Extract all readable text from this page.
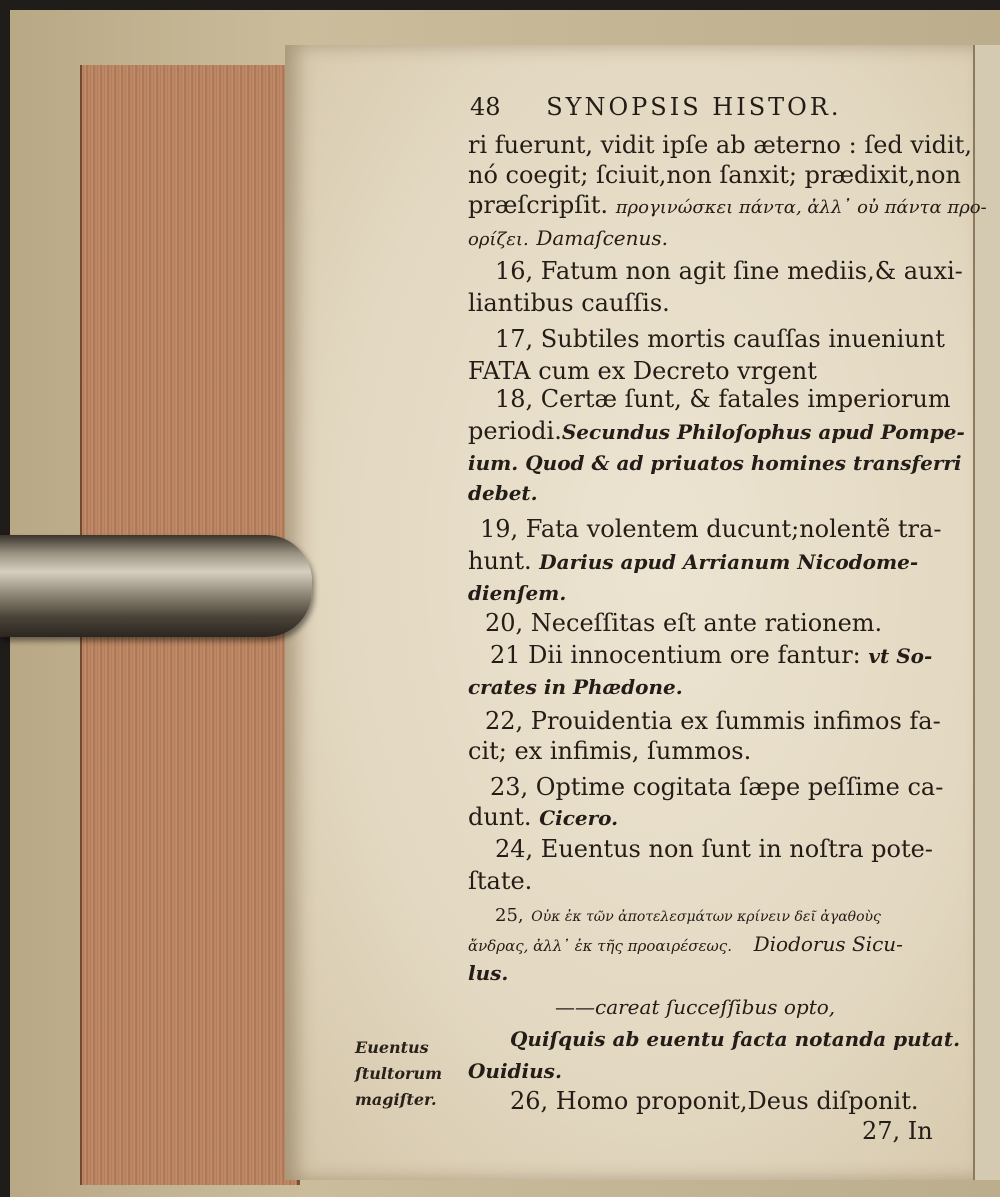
48 SYNOPSIS HISTOR.
ri fuerunt, vidit ipſe ab æterno : ſed vidit,
nó coegit; ſciuit,non ſanxit; prædixit,non
præſcripſit. προγινώσκει πάντα, ἀλλ᾽ οὐ πάντα προ-
ορίζει. Damaſcenus.
16, Fatum non agit ſine mediis,& auxi-
liantibus cauſſis.
17, Subtiles mortis cauſſas inueniunt
FATA cum ex Decreto vrgent
18, Certæ ſunt, & fatales imperiorum
periodi.Secundus Philoſophus apud Pompe-
ium. Quod & ad priuatos homines transferri
debet.
19, Fata volentem ducunt;nolentẽ tra-
hunt. Darius apud Arrianum Nicodome-
dienſem.
20, Neceſſitas eſt ante rationem.
21 Dii innocentium ore fantur: vt So-
crates in Phædone.
22, Prouidentia ex ſummis infimos fa-
cit; ex infimis, ſummos.
23, Optime cogitata ſæpe peſſime ca-
dunt. Cicero.
24, Euentus non ſunt in noſtra pote-
ſtate.
25, Οὐκ ἐκ τῶν ἀποτελεσμάτων κρίνειν δεῖ ἀγαθοὺς
ἄνδρας, ἀλλ᾽ ἐκ τῆς προαιρέσεως. Diodorus Sicu-
lus.
——careat ſucceſſibus opto,
Quiſquis ab euentu facta notanda putat.
Ouidius.
26, Homo proponit,Deus diſponit.
27, In
Euentus
ſtultorum
magiſter.
